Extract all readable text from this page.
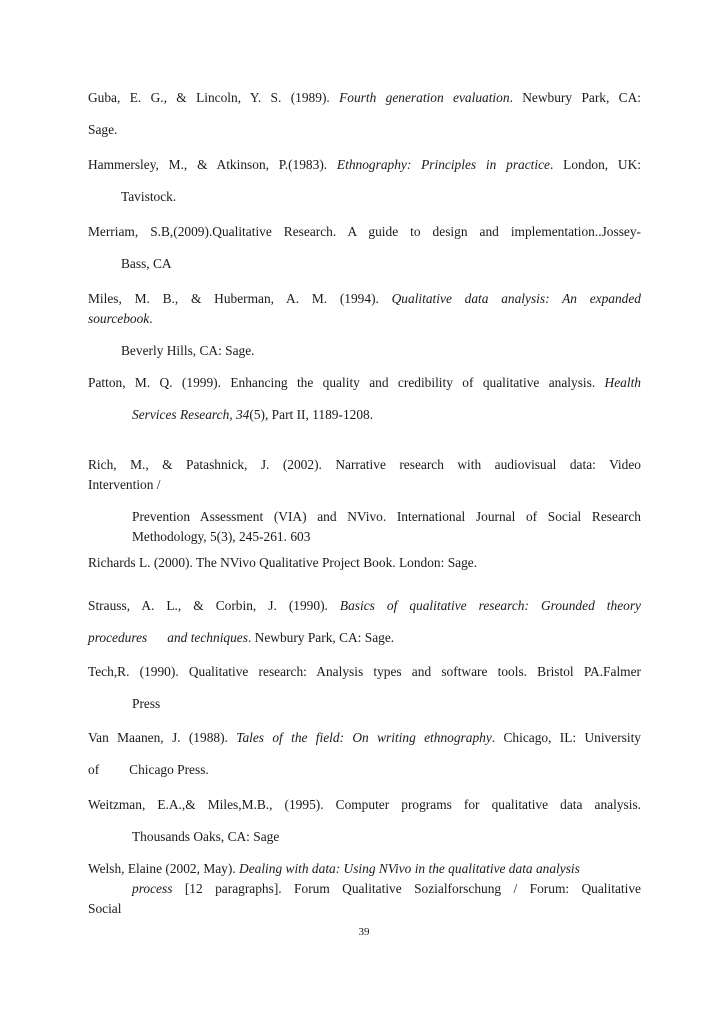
Guba, E. G., & Lincoln, Y. S. (1989). Fourth generation evaluation. Newbury Park, CA:
Sage.
Hammersley, M., & Atkinson, P.(1983). Ethnography: Principles in practice. London, UK:
Tavistock.
Merriam, S.B,(2009).Qualitative Research. A guide to design and implementation..Jossey-
Bass, CA
Miles, M. B., & Huberman, A. M. (1994). Qualitative data analysis: An expanded
sourcebook.
Beverly Hills, CA: Sage.
Patton, M. Q. (1999). Enhancing the quality and credibility of qualitative analysis. Health
Services Research, 34(5), Part II, 1189-1208.
Rich, M., & Patashnick, J. (2002). Narrative research with audiovisual data: Video
Intervention /
Prevention Assessment (VIA) and NVivo. International Journal of Social Research
Methodology, 5(3), 245-261. 603
Richards L. (2000). The NVivo Qualitative Project Book. London: Sage.
Strauss, A. L., & Corbin, J. (1990). Basics of qualitative research: Grounded theory
procedures and techniques. Newbury Park, CA: Sage.
Tech,R. (1990). Qualitative research: Analysis types and software tools. Bristol PA.Falmer
Press
Van Maanen, J. (1988). Tales of the field: On writing ethnography. Chicago, IL: University
of Chicago Press.
Weitzman, E.A.,& Miles,M.B., (1995). Computer programs for qualitative data analysis.
Thousands Oaks, CA: Sage
Welsh, Elaine (2002, May). Dealing with data: Using NVivo in the qualitative data analysis
process [12 paragraphs]. Forum Qualitative Sozialforschung / Forum: Qualitative
Social
39
